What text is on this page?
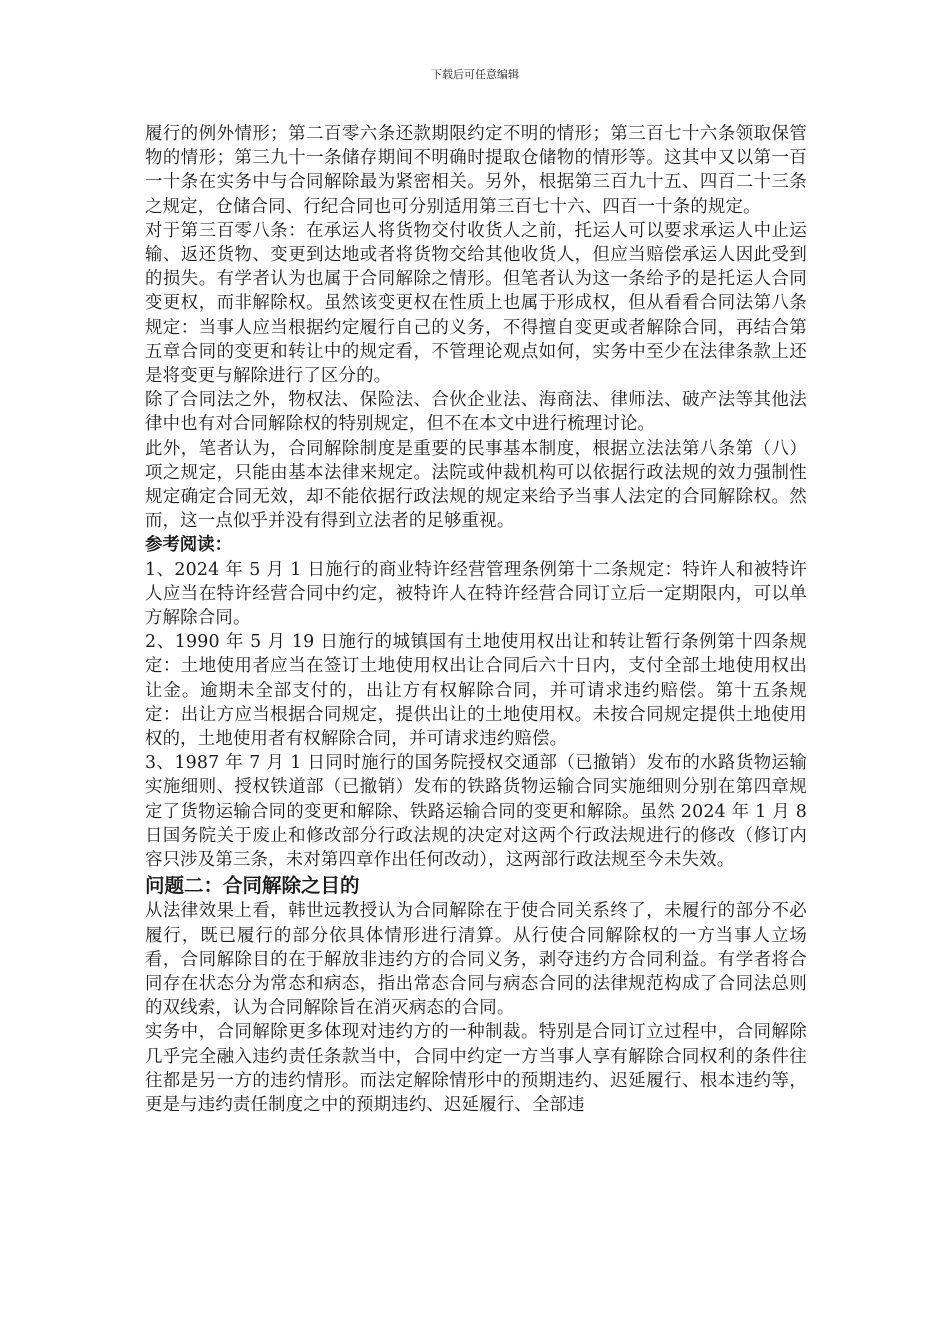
下载后可任意编辑

履行的例外情形；第二百零六条还款期限约定不明的情形；第三百七十六条领取保管物的情形；第三九十一条储存期间不明确时提取仓储物的情形等。这其中又以第一百一十条在实务中与合同解除最为紧密相关。另外，根据第三百九十五、四百二十三条之规定，仓储合同、行纪合同也可分别适用第三百七十六、四百一十条的规定。

对于第三百零八条：在承运人将货物交付收货人之前，托运人可以要求承运人中止运输、返还货物、变更到达地或者将货物交给其他收货人，但应当赔偿承运人因此受到的损失。有学者认为也属于合同解除之情形。但笔者认为这一条给予的是托运人合同变更权，而非解除权。虽然该变更权在性质上也属于形成权，但从看看合同法第八条规定：当事人应当根据约定履行自己的义务，不得擅自变更或者解除合同，再结合第五章合同的变更和转让中的规定看，不管理论观点如何，实务中至少在法律条款上还是将变更与解除进行了区分的。

除了合同法之外，物权法、保险法、合伙企业法、海商法、律师法、破产法等其他法律中也有对合同解除权的特别规定，但不在本文中进行梳理讨论。

此外，笔者认为，合同解除制度是重要的民事基本制度，根据立法法第八条第（八）项之规定，只能由基本法律来规定。法院或仲裁机构可以依据行政法规的效力强制性规定确定合同无效，却不能依据行政法规的规定来给予当事人法定的合同解除权。然而，这一点似乎并没有得到立法者的足够重视。

参考阅读：

1、2024 年 5 月 1 日施行的商业特许经营管理条例第十二条规定：特许人和被特许人应当在特许经营合同中约定，被特许人在特许经营合同订立后一定期限内，可以单方解除合同。

2、1990 年 5 月 19 日施行的城镇国有土地使用权出让和转让暂行条例第十四条规定：土地使用者应当在签订土地使用权出让合同后六十日内，支付全部土地使用权出让金。逾期未全部支付的，出让方有权解除合同，并可请求违约赔偿。第十五条规定：出让方应当根据合同规定，提供出让的土地使用权。未按合同规定提供土地使用权的，土地使用者有权解除合同，并可请求违约赔偿。

3、1987 年 7 月 1 日同时施行的国务院授权交通部（已撤销）发布的水路货物运输实施细则、授权铁道部（已撤销）发布的铁路货物运输合同实施细则分别在第四章规定了货物运输合同的变更和解除、铁路运输合同的变更和解除。虽然 2024 年 1 月 8 日国务院关于废止和修改部分行政法规的决定对这两个行政法规进行的修改（修订内容只涉及第三条，未对第四章作出任何改动），这两部行政法规至今未失效。

问题二：合同解除之目的

从法律效果上看，韩世远教授认为合同解除在于使合同关系终了，未履行的部分不必履行，既已履行的部分依具体情形进行清算。从行使合同解除权的一方当事人立场看，合同解除目的在于解放非违约方的合同义务，剥夺违约方合同利益。有学者将合同存在状态分为常态和病态，指出常态合同与病态合同的法律规范构成了合同法总则的双线索，认为合同解除旨在消灭病态的合同。

实务中，合同解除更多体现对违约方的一种制裁。特别是合同订立过程中，合同解除几乎完全融入违约责任条款当中，合同中约定一方当事人享有解除合同权利的条件往往都是另一方的违约情形。而法定解除情形中的预期违约、迟延履行、根本违约等，更是与违约责任制度之中的预期违约、迟延履行、全部违
